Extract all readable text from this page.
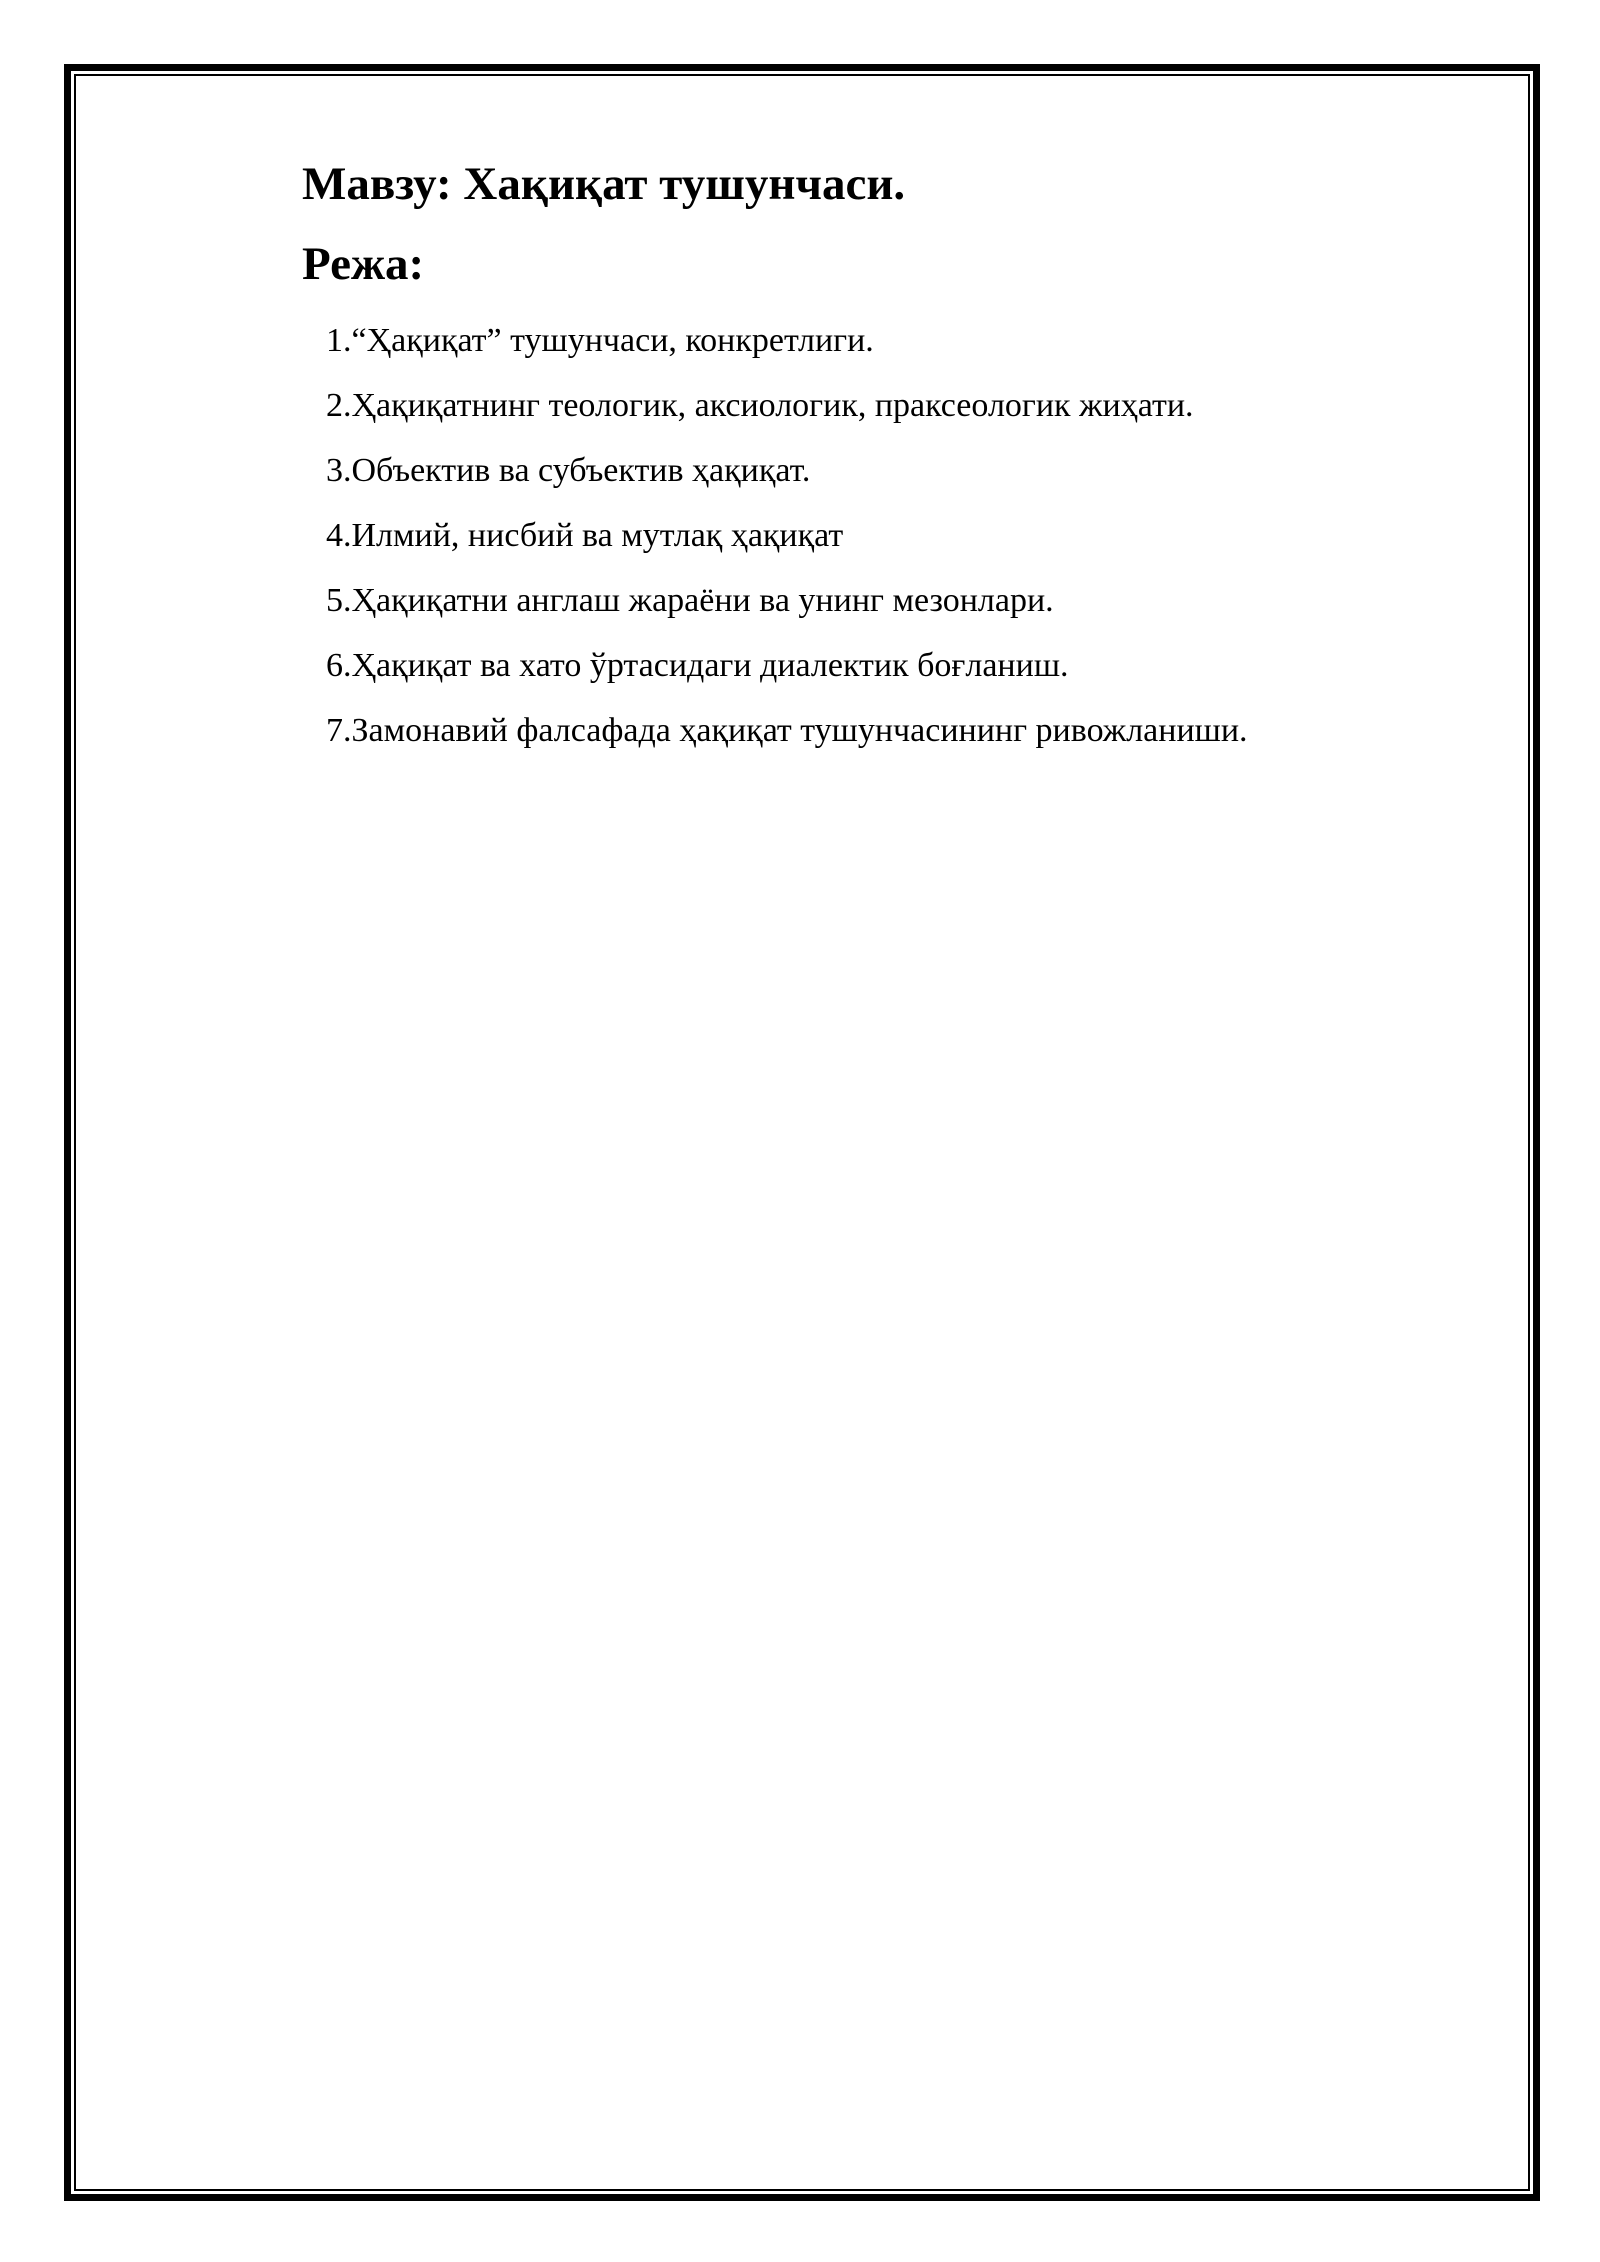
Мавзу: Хақиқат тушунчаси.
Режа:
1.“Ҳақиқат” тушунчаси, конкретлиги.
2.Ҳақиқатнинг теологик, аксиологик, праксеологик жиҳати.
3.Объектив ва субъектив ҳақиқат.
4.Илмий, нисбий ва мутлақ ҳақиқат
5.Ҳақиқатни англаш жараёни ва унинг мезонлари.
6.Ҳақиқат ва хато ўртасидаги диалектик боғланиш.
7.Замонавий фалсафада ҳақиқат тушунчасининг ривожланиши.
